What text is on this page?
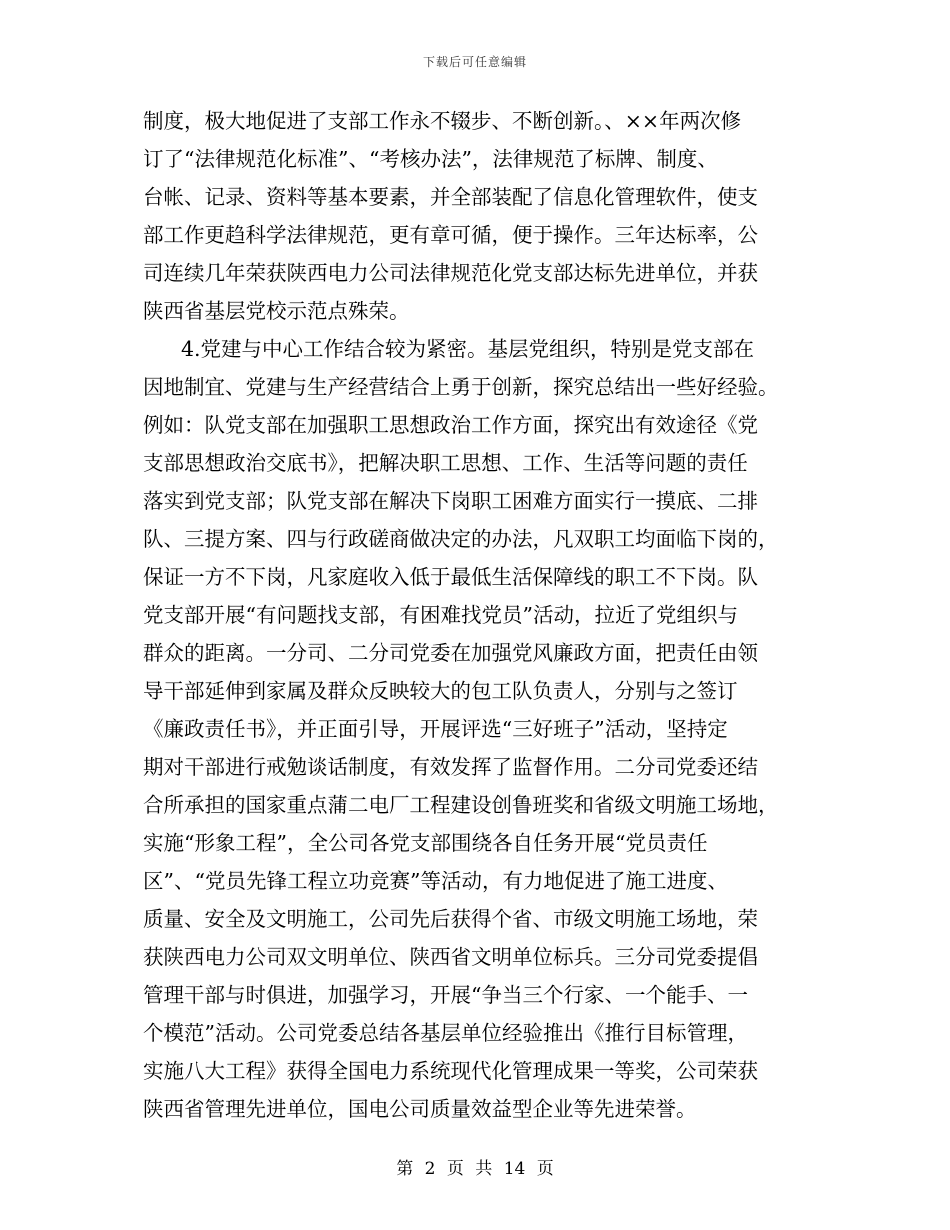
下载后可任意编辑
制度，极大地促进了支部工作永不辍步、不断创新。、××年两次修
订了“法律规范化标准”、“考核办法”，法律规范了标牌、制度、
台帐、记录、资料等基本要素，并全部装配了信息化管理软件，使支
部工作更趋科学法律规范，更有章可循，便于操作。三年达标率，公
司连续几年荣获陕西电力公司法律规范化党支部达标先进单位，并获
陕西省基层党校示范点殊荣。
4.党建与中心工作结合较为紧密。基层党组织，特别是党支部在
因地制宜、党建与生产经营结合上勇于创新，探究总结出一些好经验。
例如：队党支部在加强职工思想政治工作方面，探究出有效途径《党
支部思想政治交底书》，把解决职工思想、工作、生活等问题的责任
落实到党支部；队党支部在解决下岗职工困难方面实行一摸底、二排
队、三提方案、四与行政磋商做决定的办法，凡双职工均面临下岗的，
保证一方不下岗，凡家庭收入低于最低生活保障线的职工不下岗。队
党支部开展“有问题找支部，有困难找党员”活动，拉近了党组织与
群众的距离。一分司、二分司党委在加强党风廉政方面，把责任由领
导干部延伸到家属及群众反映较大的包工队负责人，分别与之签订
《廉政责任书》，并正面引导，开展评选“三好班子”活动，坚持定
期对干部进行戒勉谈话制度，有效发挥了监督作用。二分司党委还结
合所承担的国家重点蒲二电厂工程建设创鲁班奖和省级文明施工场地，
实施“形象工程”，全公司各党支部围绕各自任务开展“党员责任
区”、“党员先锋工程立功竞赛”等活动，有力地促进了施工进度、
质量、安全及文明施工，公司先后获得个省、市级文明施工场地，荣
获陕西电力公司双文明单位、陕西省文明单位标兵。三分司党委提倡
管理干部与时俱进，加强学习，开展“争当三个行家、一个能手、一
个模范”活动。公司党委总结各基层单位经验推出《推行目标管理，
实施八大工程》获得全国电力系统现代化管理成果一等奖，公司荣获
陕西省管理先进单位，国电公司质量效益型企业等先进荣誉。
第 2 页 共 14 页
